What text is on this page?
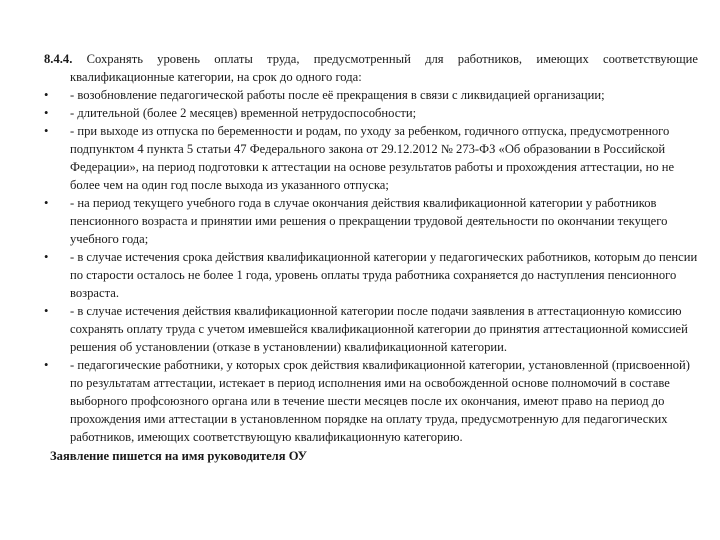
8.4.4. Сохранять уровень оплаты труда, предусмотренный для работников, имеющих соответствующие квалификационные категории, на срок до одного года:
•	- возобновление педагогической работы после её прекращения в связи с ликвидацией организации;
•	- длительной (более 2 месяцев) временной нетрудоспособности;
•	- при выходе из отпуска по беременности и родам, по уходу за ребенком, годичного отпуска, предусмотренного подпунктом 4 пункта 5 статьи 47 Федерального закона от 29.12.2012 № 273-ФЗ «Об образовании в Российской Федерации», на период подготовки к аттестации на основе результатов работы и прохождения аттестации, но не более чем на один год после выхода из указанного отпуска;
•	- на период текущего учебного года в случае окончания действия квалификационной категории у работников пенсионного возраста и принятии ими решения о прекращении трудовой деятельности по окончании текущего учебного года;
•	- в случае истечения срока действия квалификационной категории у педагогических работников, которым до пенсии по старости осталось не более 1 года, уровень оплаты труда работника сохраняется до наступления пенсионного возраста.
•	- в случае истечения действия квалификационной категории после подачи заявления в аттестационную комиссию сохранять оплату труда с учетом имевшейся квалификационной категории до принятия аттестационной комиссией решения об установлении (отказе в установлении) квалификационной категории.
•	- педагогические работники, у которых срок действия квалификационной категории, установленной (присвоенной) по результатам аттестации, истекает в период исполнения ими на освобожденной основе полномочий в составе выборного профсоюзного органа или в течение шести месяцев после их окончания, имеют право на период до прохождения ими аттестации в установленном порядке на оплату труда, предусмотренную для педагогических работников, имеющих соответствующую квалификационную категорию.
Заявление пишется на имя руководителя ОУ
